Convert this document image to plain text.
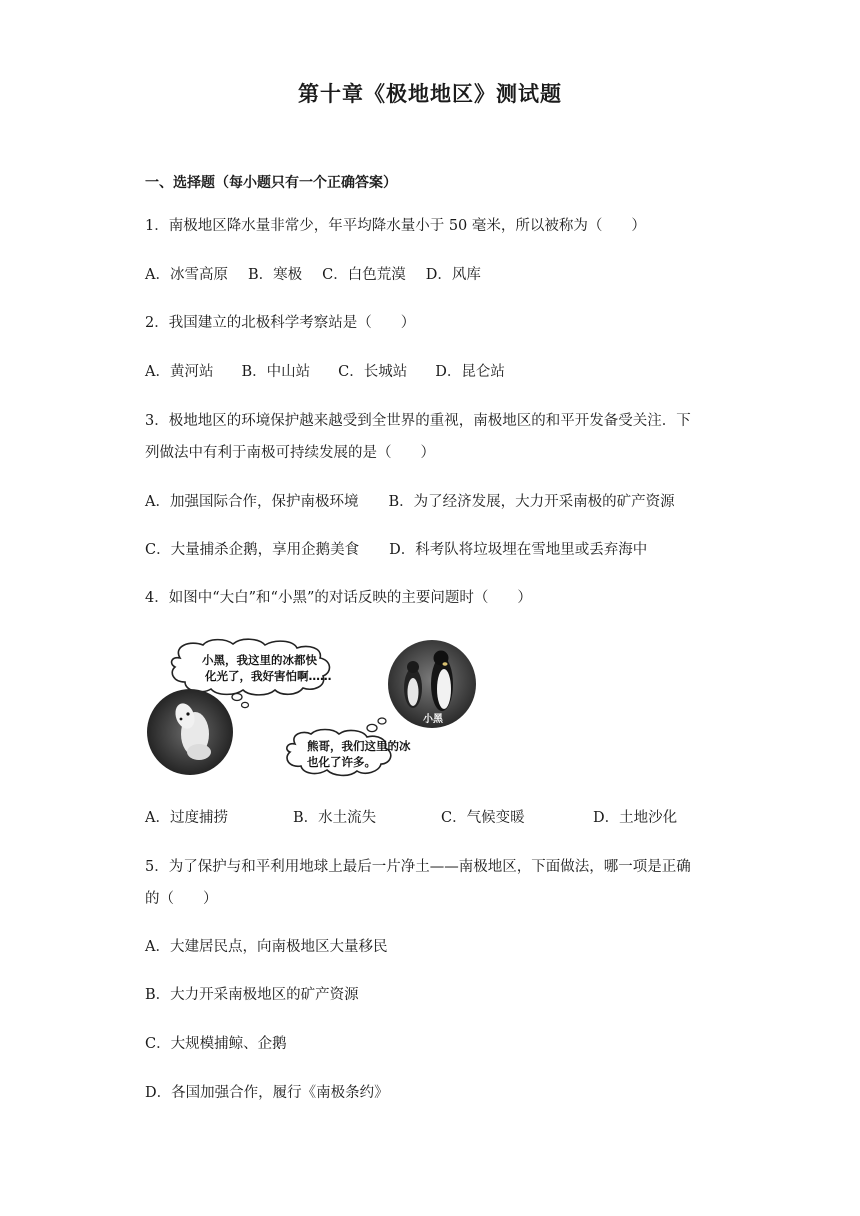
第十章《极地地区》测试题
一、选择题（每小题只有一个正确答案）
1．南极地区降水量非常少，年平均降水量小于 50 毫米，所以被称为（　　）
A．冰雪高原 B．寒极 C．白色荒漠 D．风库
2．我国建立的北极科学考察站是（　　）
A．黄河站 B．中山站 C．长城站 D．昆仑站
3．极地地区的环境保护越来越受到全世界的重视，南极地区的和平开发备受关注．下
列做法中有利于南极可持续发展的是（　　）
A．加强国际合作，保护南极环境 B．为了经济发展，大力开采南极的矿产资源
C．大量捕杀企鹅，享用企鹅美食 D．科考队将垃圾埋在雪地里或丢弃海中
4．如图中“大白”和“小黑”的对话反映的主要问题时（　　）
小黑，我这里的冰都快
化光了，我好害怕啊……
小黑
熊哥，我们这里的冰
也化了许多。
A．过度捕捞	B．水土流失	C．气候变暖	D．土地沙化
5．为了保护与和平利用地球上最后一片净土——南极地区，下面做法，哪一项是正确
的（　　）
A．大建居民点，向南极地区大量移民
B．大力开采南极地区的矿产资源
C．大规模捕鲸、企鹅
D．各国加强合作，履行《南极条约》
